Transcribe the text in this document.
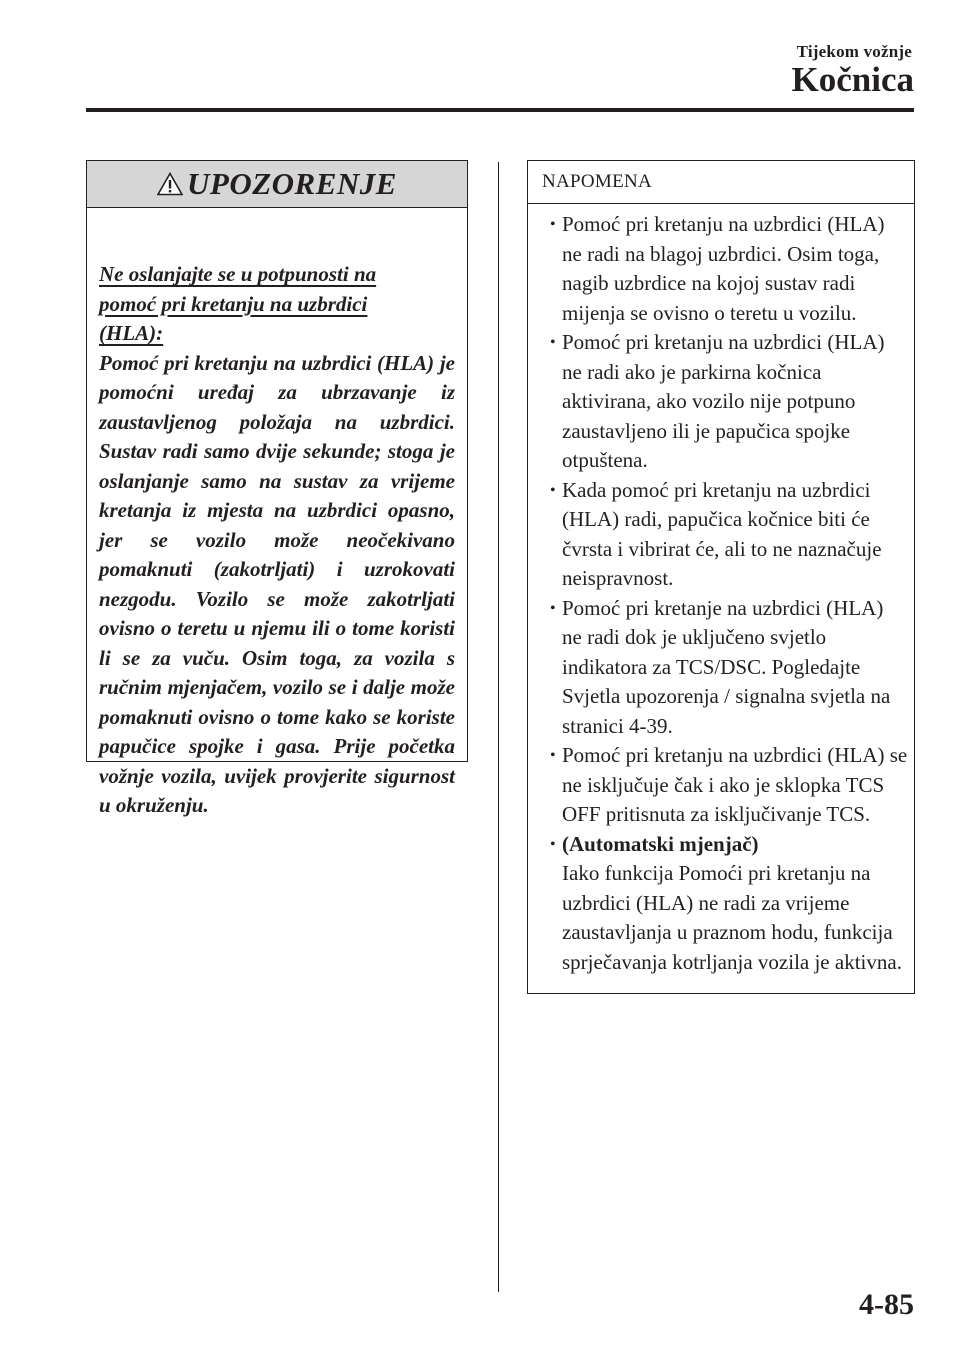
Tijekom vožnje
Kočnica
UPOZORENJE
Ne oslanjajte se u potpunosti na
pomoć pri kretanju na uzbrdici
(HLA):
Pomoć pri kretanju na uzbrdici (HLA) je pomoćni uređaj za ubrzavanje iz zaustavljenog položaja na uzbrdici. Sustav radi samo dvije sekunde; stoga je oslanjanje samo na sustav za vrijeme kretanja iz mjesta na uzbrdici opasno, jer se vozilo može neočekivano pomaknuti (zakotrljati) i uzrokovati nezgodu. Vozilo se može zakotrljati ovisno o teretu u njemu ili o tome koristi li se za vuču. Osim toga, za vozila s ručnim mjenjačem, vozilo se i dalje može pomaknuti ovisno o tome kako se koriste papučice spojke i gasa. Prije početka vožnje vozila, uvijek provjerite sigurnost u okruženju.
NAPOMENA
• Pomoć pri kretanju na uzbrdici (HLA) ne radi na blagoj uzbrdici. Osim toga, nagib uzbrdice na kojoj sustav radi mijenja se ovisno o teretu u vozilu.
• Pomoć pri kretanju na uzbrdici (HLA) ne radi ako je parkirna kočnica aktivirana, ako vozilo nije potpuno zaustavljeno ili je papučica spojke otpuštena.
• Kada pomoć pri kretanju na uzbrdici (HLA) radi, papučica kočnice biti će čvrsta i vibrirat će, ali to ne naznačuje neispravnost.
• Pomoć pri kretanje na uzbrdici (HLA) ne radi dok je uključeno svjetlo indikatora za TCS/DSC. Pogledajte Svjetla upozorenja / signalna svjetla na stranici 4-39.
• Pomoć pri kretanju na uzbrdici (HLA) se ne isključuje čak i ako je sklopka TCS OFF pritisnuta za isključivanje TCS.
• (Automatski mjenjač)
Iako funkcija Pomoći pri kretanju na uzbrdici (HLA) ne radi za vrijeme zaustavljanja u praznom hodu, funkcija sprječavanja kotrljanja vozila je aktivna.
4-85
